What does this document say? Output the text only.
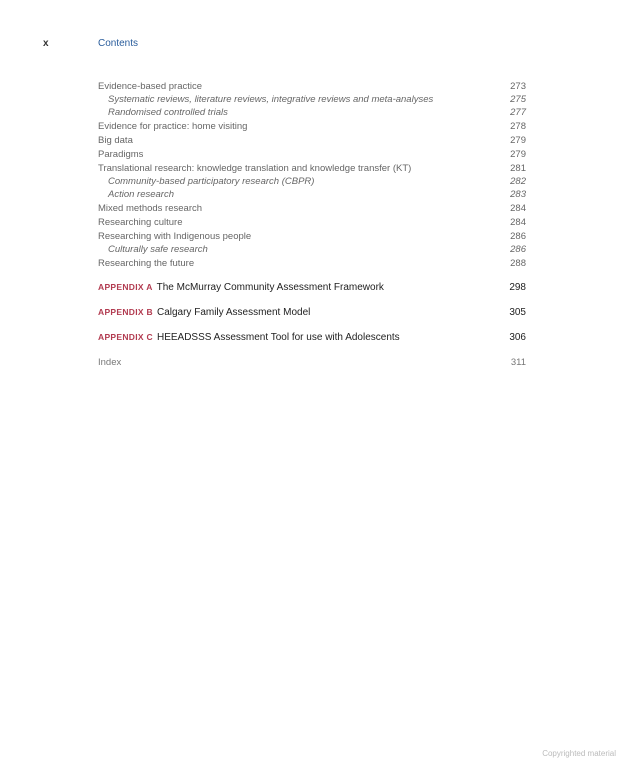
x	Contents
Evidence-based practice	273
Systematic reviews, literature reviews, integrative reviews and meta-analyses	275
Randomised controlled trials	277
Evidence for practice: home visiting	278
Big data	279
Paradigms	279
Translational research: knowledge translation and knowledge transfer (KT)	281
Community-based participatory research (CBPR)	282
Action research	283
Mixed methods research	284
Researching culture	284
Researching with Indigenous people	286
Culturally safe research	286
Researching the future	288
APPENDIX A The McMurray Community Assessment Framework	298
APPENDIX B Calgary Family Assessment Model	305
APPENDIX C HEEADSSS Assessment Tool for use with Adolescents	306
Index	311
Copyrighted material
